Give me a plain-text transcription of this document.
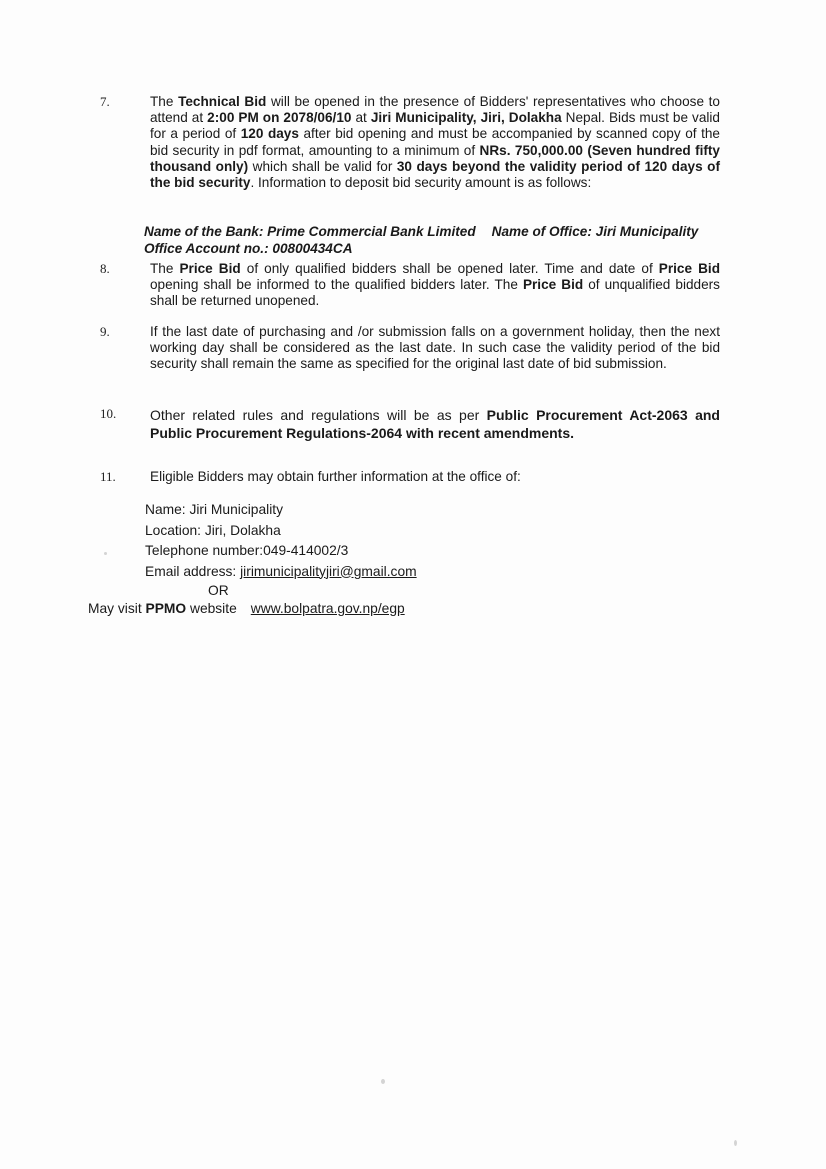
7.	The Technical Bid will be opened in the presence of Bidders' representatives who choose to attend at 2:00 PM on 2078/06/10 at Jiri Municipality, Jiri, Dolakha Nepal. Bids must be valid for a period of 120 days after bid opening and must be accompanied by scanned copy of the bid security in pdf format, amounting to a minimum of NRs. 750,000.00 (Seven hundred fifty thousand only) which shall be valid for 30 days beyond the validity period of 120 days of the bid security. Information to deposit bid security amount is as follows:
Name of the Bank: Prime Commercial Bank Limited Name of Office: Jiri Municipality
Office Account no.: 00800434CA
8.	The Price Bid of only qualified bidders shall be opened later. Time and date of Price Bid opening shall be informed to the qualified bidders later. The Price Bid of unqualified bidders shall be returned unopened.
9.	If the last date of purchasing and /or submission falls on a government holiday, then the next working day shall be considered as the last date. In such case the validity period of the bid security shall remain the same as specified for the original last date of bid submission.
10.	Other related rules and regulations will be as per Public Procurement Act-2063 and Public Procurement Regulations-2064 with recent amendments.
11.	Eligible Bidders may obtain further information at the office of:
Name: Jiri Municipality
Location: Jiri, Dolakha
Telephone number:049-414002/3
Email address: jirimunicipalityjiri@gmail.com
OR
May visit PPMO website www.bolpatra.gov.np/egp
